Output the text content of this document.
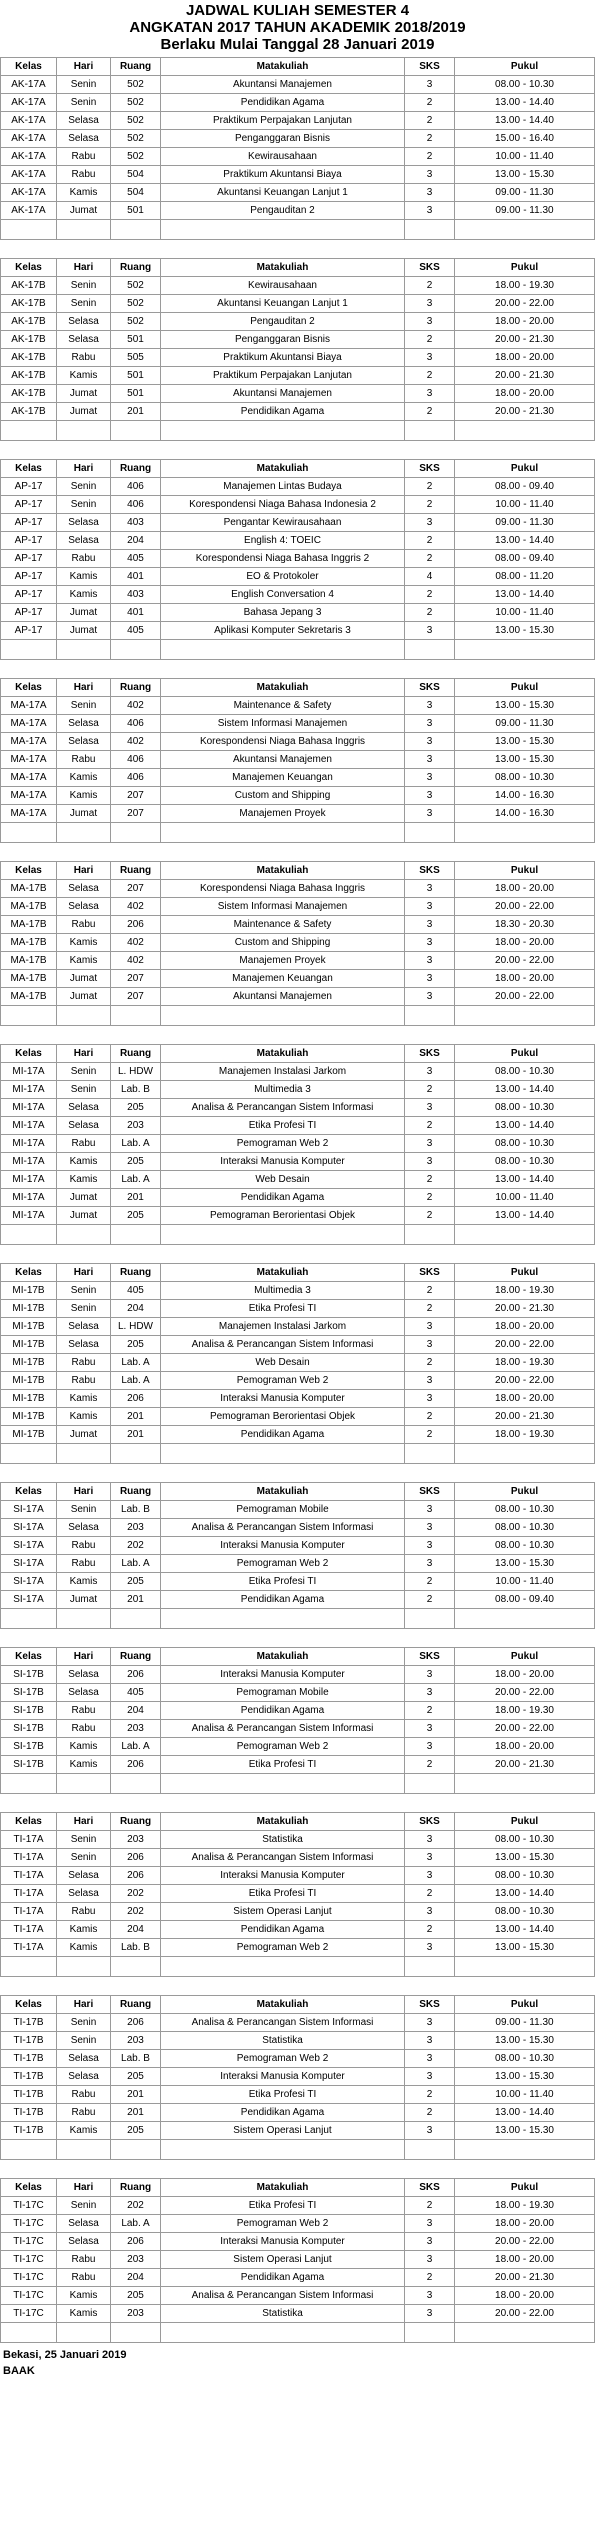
JADWAL KULIAH SEMESTER 4
ANGKATAN 2017 TAHUN AKADEMIK 2018/2019
Berlaku Mulai Tanggal 28 Januari 2019
Kelas	Hari	Ruang	Matakuliah	SKS	Pukul
AK-17A	Senin	502	Akuntansi Manajemen	3	08.00 - 10.30
AK-17A	Senin	502	Pendidikan Agama	2	13.00 - 14.40
AK-17A	Selasa	502	Praktikum Perpajakan Lanjutan	2	13.00 - 14.40
AK-17A	Selasa	502	Penganggaran Bisnis	2	15.00 - 16.40
AK-17A	Rabu	502	Kewirausahaan	2	10.00 - 11.40
AK-17A	Rabu	504	Praktikum Akuntansi Biaya	3	13.00 - 15.30
AK-17A	Kamis	504	Akuntansi Keuangan Lanjut 1	3	09.00 - 11.30
AK-17A	Jumat	501	Pengauditan 2	3	09.00 - 11.30

Kelas	Hari	Ruang	Matakuliah	SKS	Pukul
AK-17B	Senin	502	Kewirausahaan	2	18.00 - 19.30
AK-17B	Senin	502	Akuntansi Keuangan Lanjut 1	3	20.00 - 22.00
AK-17B	Selasa	502	Pengauditan 2	3	18.00 - 20.00
AK-17B	Selasa	501	Penganggaran Bisnis	2	20.00 - 21.30
AK-17B	Rabu	505	Praktikum Akuntansi Biaya	3	18.00 - 20.00
AK-17B	Kamis	501	Praktikum Perpajakan Lanjutan	2	20.00 - 21.30
AK-17B	Jumat	501	Akuntansi Manajemen	3	18.00 - 20.00
AK-17B	Jumat	201	Pendidikan Agama	2	20.00 - 21.30

Kelas	Hari	Ruang	Matakuliah	SKS	Pukul
AP-17	Senin	406	Manajemen Lintas Budaya	2	08.00 - 09.40
AP-17	Senin	406	Korespondensi Niaga Bahasa Indonesia 2	2	10.00 - 11.40
AP-17	Selasa	403	Pengantar Kewirausahaan	3	09.00 - 11.30
AP-17	Selasa	204	English 4: TOEIC	2	13.00 - 14.40
AP-17	Rabu	405	Korespondensi Niaga Bahasa Inggris 2	2	08.00 - 09.40
AP-17	Kamis	401	EO & Protokoler	4	08.00 - 11.20
AP-17	Kamis	403	English Conversation 4	2	13.00 - 14.40
AP-17	Jumat	401	Bahasa Jepang 3	2	10.00 - 11.40
AP-17	Jumat	405	Aplikasi Komputer Sekretaris 3	3	13.00 - 15.30

Kelas	Hari	Ruang	Matakuliah	SKS	Pukul
MA-17A	Senin	402	Maintenance & Safety	3	13.00 - 15.30
MA-17A	Selasa	406	Sistem Informasi Manajemen	3	09.00 - 11.30
MA-17A	Selasa	402	Korespondensi Niaga Bahasa Inggris	3	13.00 - 15.30
MA-17A	Rabu	406	Akuntansi Manajemen	3	13.00 - 15.30
MA-17A	Kamis	406	Manajemen Keuangan	3	08.00 - 10.30
MA-17A	Kamis	207	Custom and Shipping	3	14.00 - 16.30
MA-17A	Jumat	207	Manajemen Proyek	3	14.00 - 16.30

Kelas	Hari	Ruang	Matakuliah	SKS	Pukul
MA-17B	Selasa	207	Korespondensi Niaga Bahasa Inggris	3	18.00 - 20.00
MA-17B	Selasa	402	Sistem Informasi Manajemen	3	20.00 - 22.00
MA-17B	Rabu	206	Maintenance & Safety	3	18.30 - 20.30
MA-17B	Kamis	402	Custom and Shipping	3	18.00 - 20.00
MA-17B	Kamis	402	Manajemen Proyek	3	20.00 - 22.00
MA-17B	Jumat	207	Manajemen Keuangan	3	18.00 - 20.00
MA-17B	Jumat	207	Akuntansi Manajemen	3	20.00 - 22.00

Kelas	Hari	Ruang	Matakuliah	SKS	Pukul
MI-17A	Senin	L. HDW	Manajemen Instalasi Jarkom	3	08.00 - 10.30
MI-17A	Senin	Lab. B	Multimedia 3	2	13.00 - 14.40
MI-17A	Selasa	205	Analisa & Perancangan Sistem Informasi	3	08.00 - 10.30
MI-17A	Selasa	203	Etika Profesi TI	2	13.00 - 14.40
MI-17A	Rabu	Lab. A	Pemograman Web 2	3	08.00 - 10.30
MI-17A	Kamis	205	Interaksi Manusia Komputer	3	08.00 - 10.30
MI-17A	Kamis	Lab. A	Web Desain	2	13.00 - 14.40
MI-17A	Jumat	201	Pendidikan Agama	2	10.00 - 11.40
MI-17A	Jumat	205	Pemograman Berorientasi Objek	2	13.00 - 14.40

Kelas	Hari	Ruang	Matakuliah	SKS	Pukul
MI-17B	Senin	405	Multimedia 3	2	18.00 - 19.30
MI-17B	Senin	204	Etika Profesi TI	2	20.00 - 21.30
MI-17B	Selasa	L. HDW	Manajemen Instalasi Jarkom	3	18.00 - 20.00
MI-17B	Selasa	205	Analisa & Perancangan Sistem Informasi	3	20.00 - 22.00
MI-17B	Rabu	Lab. A	Web Desain	2	18.00 - 19.30
MI-17B	Rabu	Lab. A	Pemograman Web 2	3	20.00 - 22.00
MI-17B	Kamis	206	Interaksi Manusia Komputer	3	18.00 - 20.00
MI-17B	Kamis	201	Pemograman Berorientasi Objek	2	20.00 - 21.30
MI-17B	Jumat	201	Pendidikan Agama	2	18.00 - 19.30

Kelas	Hari	Ruang	Matakuliah	SKS	Pukul
SI-17A	Senin	Lab. B	Pemograman Mobile	3	08.00 - 10.30
SI-17A	Selasa	203	Analisa & Perancangan Sistem Informasi	3	08.00 - 10.30
SI-17A	Rabu	202	Interaksi Manusia Komputer	3	08.00 - 10.30
SI-17A	Rabu	Lab. A	Pemograman Web 2	3	13.00 - 15.30
SI-17A	Kamis	205	Etika Profesi TI	2	10.00 - 11.40
SI-17A	Jumat	201	Pendidikan Agama	2	08.00 - 09.40

Kelas	Hari	Ruang	Matakuliah	SKS	Pukul
SI-17B	Selasa	206	Interaksi Manusia Komputer	3	18.00 - 20.00
SI-17B	Selasa	405	Pemograman Mobile	3	20.00 - 22.00
SI-17B	Rabu	204	Pendidikan Agama	2	18.00 - 19.30
SI-17B	Rabu	203	Analisa & Perancangan Sistem Informasi	3	20.00 - 22.00
SI-17B	Kamis	Lab. A	Pemograman Web 2	3	18.00 - 20.00
SI-17B	Kamis	206	Etika Profesi TI	2	20.00 - 21.30

Kelas	Hari	Ruang	Matakuliah	SKS	Pukul
TI-17A	Senin	203	Statistika	3	08.00 - 10.30
TI-17A	Senin	206	Analisa & Perancangan Sistem Informasi	3	13.00 - 15.30
TI-17A	Selasa	206	Interaksi Manusia Komputer	3	08.00 - 10.30
TI-17A	Selasa	202	Etika Profesi TI	2	13.00 - 14.40
TI-17A	Rabu	202	Sistem Operasi Lanjut	3	08.00 - 10.30
TI-17A	Kamis	204	Pendidikan Agama	2	13.00 - 14.40
TI-17A	Kamis	Lab. B	Pemograman Web 2	3	13.00 - 15.30

Kelas	Hari	Ruang	Matakuliah	SKS	Pukul
TI-17B	Senin	206	Analisa & Perancangan Sistem Informasi	3	09.00 - 11.30
TI-17B	Senin	203	Statistika	3	13.00 - 15.30
TI-17B	Selasa	Lab. B	Pemograman Web 2	3	08.00 - 10.30
TI-17B	Selasa	205	Interaksi Manusia Komputer	3	13.00 - 15.30
TI-17B	Rabu	201	Etika Profesi TI	2	10.00 - 11.40
TI-17B	Rabu	201	Pendidikan Agama	2	13.00 - 14.40
TI-17B	Kamis	205	Sistem Operasi Lanjut	3	13.00 - 15.30

Kelas	Hari	Ruang	Matakuliah	SKS	Pukul
TI-17C	Senin	202	Etika Profesi TI	2	18.00 - 19.30
TI-17C	Selasa	Lab. A	Pemograman Web 2	3	18.00 - 20.00
TI-17C	Selasa	206	Interaksi Manusia Komputer	3	20.00 - 22.00
TI-17C	Rabu	203	Sistem Operasi Lanjut	3	18.00 - 20.00
TI-17C	Rabu	204	Pendidikan Agama	2	20.00 - 21.30
TI-17C	Kamis	205	Analisa & Perancangan Sistem Informasi	3	18.00 - 20.00
TI-17C	Kamis	203	Statistika	3	20.00 - 22.00

Bekasi, 25 Januari 2019
BAAK
